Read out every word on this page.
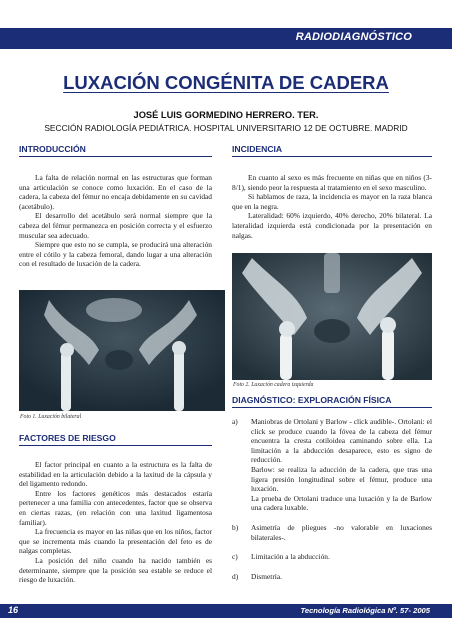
RADIODIAGNÓSTICO
LUXACIÓN CONGÉNITA DE CADERA
JOSÉ LUIS GORMEDINO HERRERO. TER.
SECCIÓN RADIOLOGÍA PEDIÁTRICA. HOSPITAL UNIVERSITARIO 12 DE OCTUBRE. MADRID
INTRODUCCIÓN

La falta de relación normal en las estructuras que forman una articulación se conoce como luxación. En el caso de la cadera, la cabeza del fémur no encaja debidamente en su cavidad (acetábulo).

El desarrollo del acetábulo será normal siempre que la cabeza del fémur permanezca en posición correcta y el esfuerzo muscular sea adecuado.

Siempre que esto no se cumpla, se producirá una alteración entre el cótilo y la cabeza femoral, dando lugar a una alteración con el resultado de luxación de la cadera.

Foto 1. Luxación bilateral
FACTORES DE RIESGO

El factor principal en cuanto a la estructura es la falta de estabilidad en la articulación debido a la laxitud de la cápsula y del ligamento redondo.

Entre los factores genéticos más destacados estaría pertenecer a una familia con antecedentes, factor que se observa en ciertas razas, (en relación con una laxitud ligamentosa familiar).

La frecuencia es mayor en las niñas que en los niños, factor que se incrementa más cuando la presentación del feto es de nalgas completas.

La posición del niño cuando ha nacido también es determinante, siempre que la posición sea estable se reduce el riesgo de luxación.

INCIDENCIA

En cuanto al sexo es más frecuente en niñas que en niños (3-8/1), siendo peor la respuesta al tratamiento en el sexo masculino.

Si hablamos de raza, la incidencia es mayor en la raza blanca que en la negra.

Lateralidad: 60% izquierdo, 40% derecho, 20% bilateral. La lateralidad izquierda está condicionada por la presentación en nalgas.

Foto 2. Luxación cadera izquierda
DIAGNÓSTICO: EXPLORACIÓN FÍSICA
a) Maniobras de Ortolani y Barlow - click audible-. Ortolani: el click se produce cuando la fóvea de la cabeza del fémur encuentra la cresta cotiloidea caminando sobre ella. La limitación a la abducción desaparece, esto es signo de reducción.

Barlow: se realiza la aducción de la cadera, que tras una ligera presión longitudinal sobre el fémur, produce una luxación.

La prueba de Ortolani traduce una luxación y la de Barlow una cadera luxable.

b) Asimetría de pliegues -no valorable en luxaciones bilaterales-.

c) Limitación a la abducción.

d) Dismetría.

16	Tecnología Radiológica Nº. 57- 2005
